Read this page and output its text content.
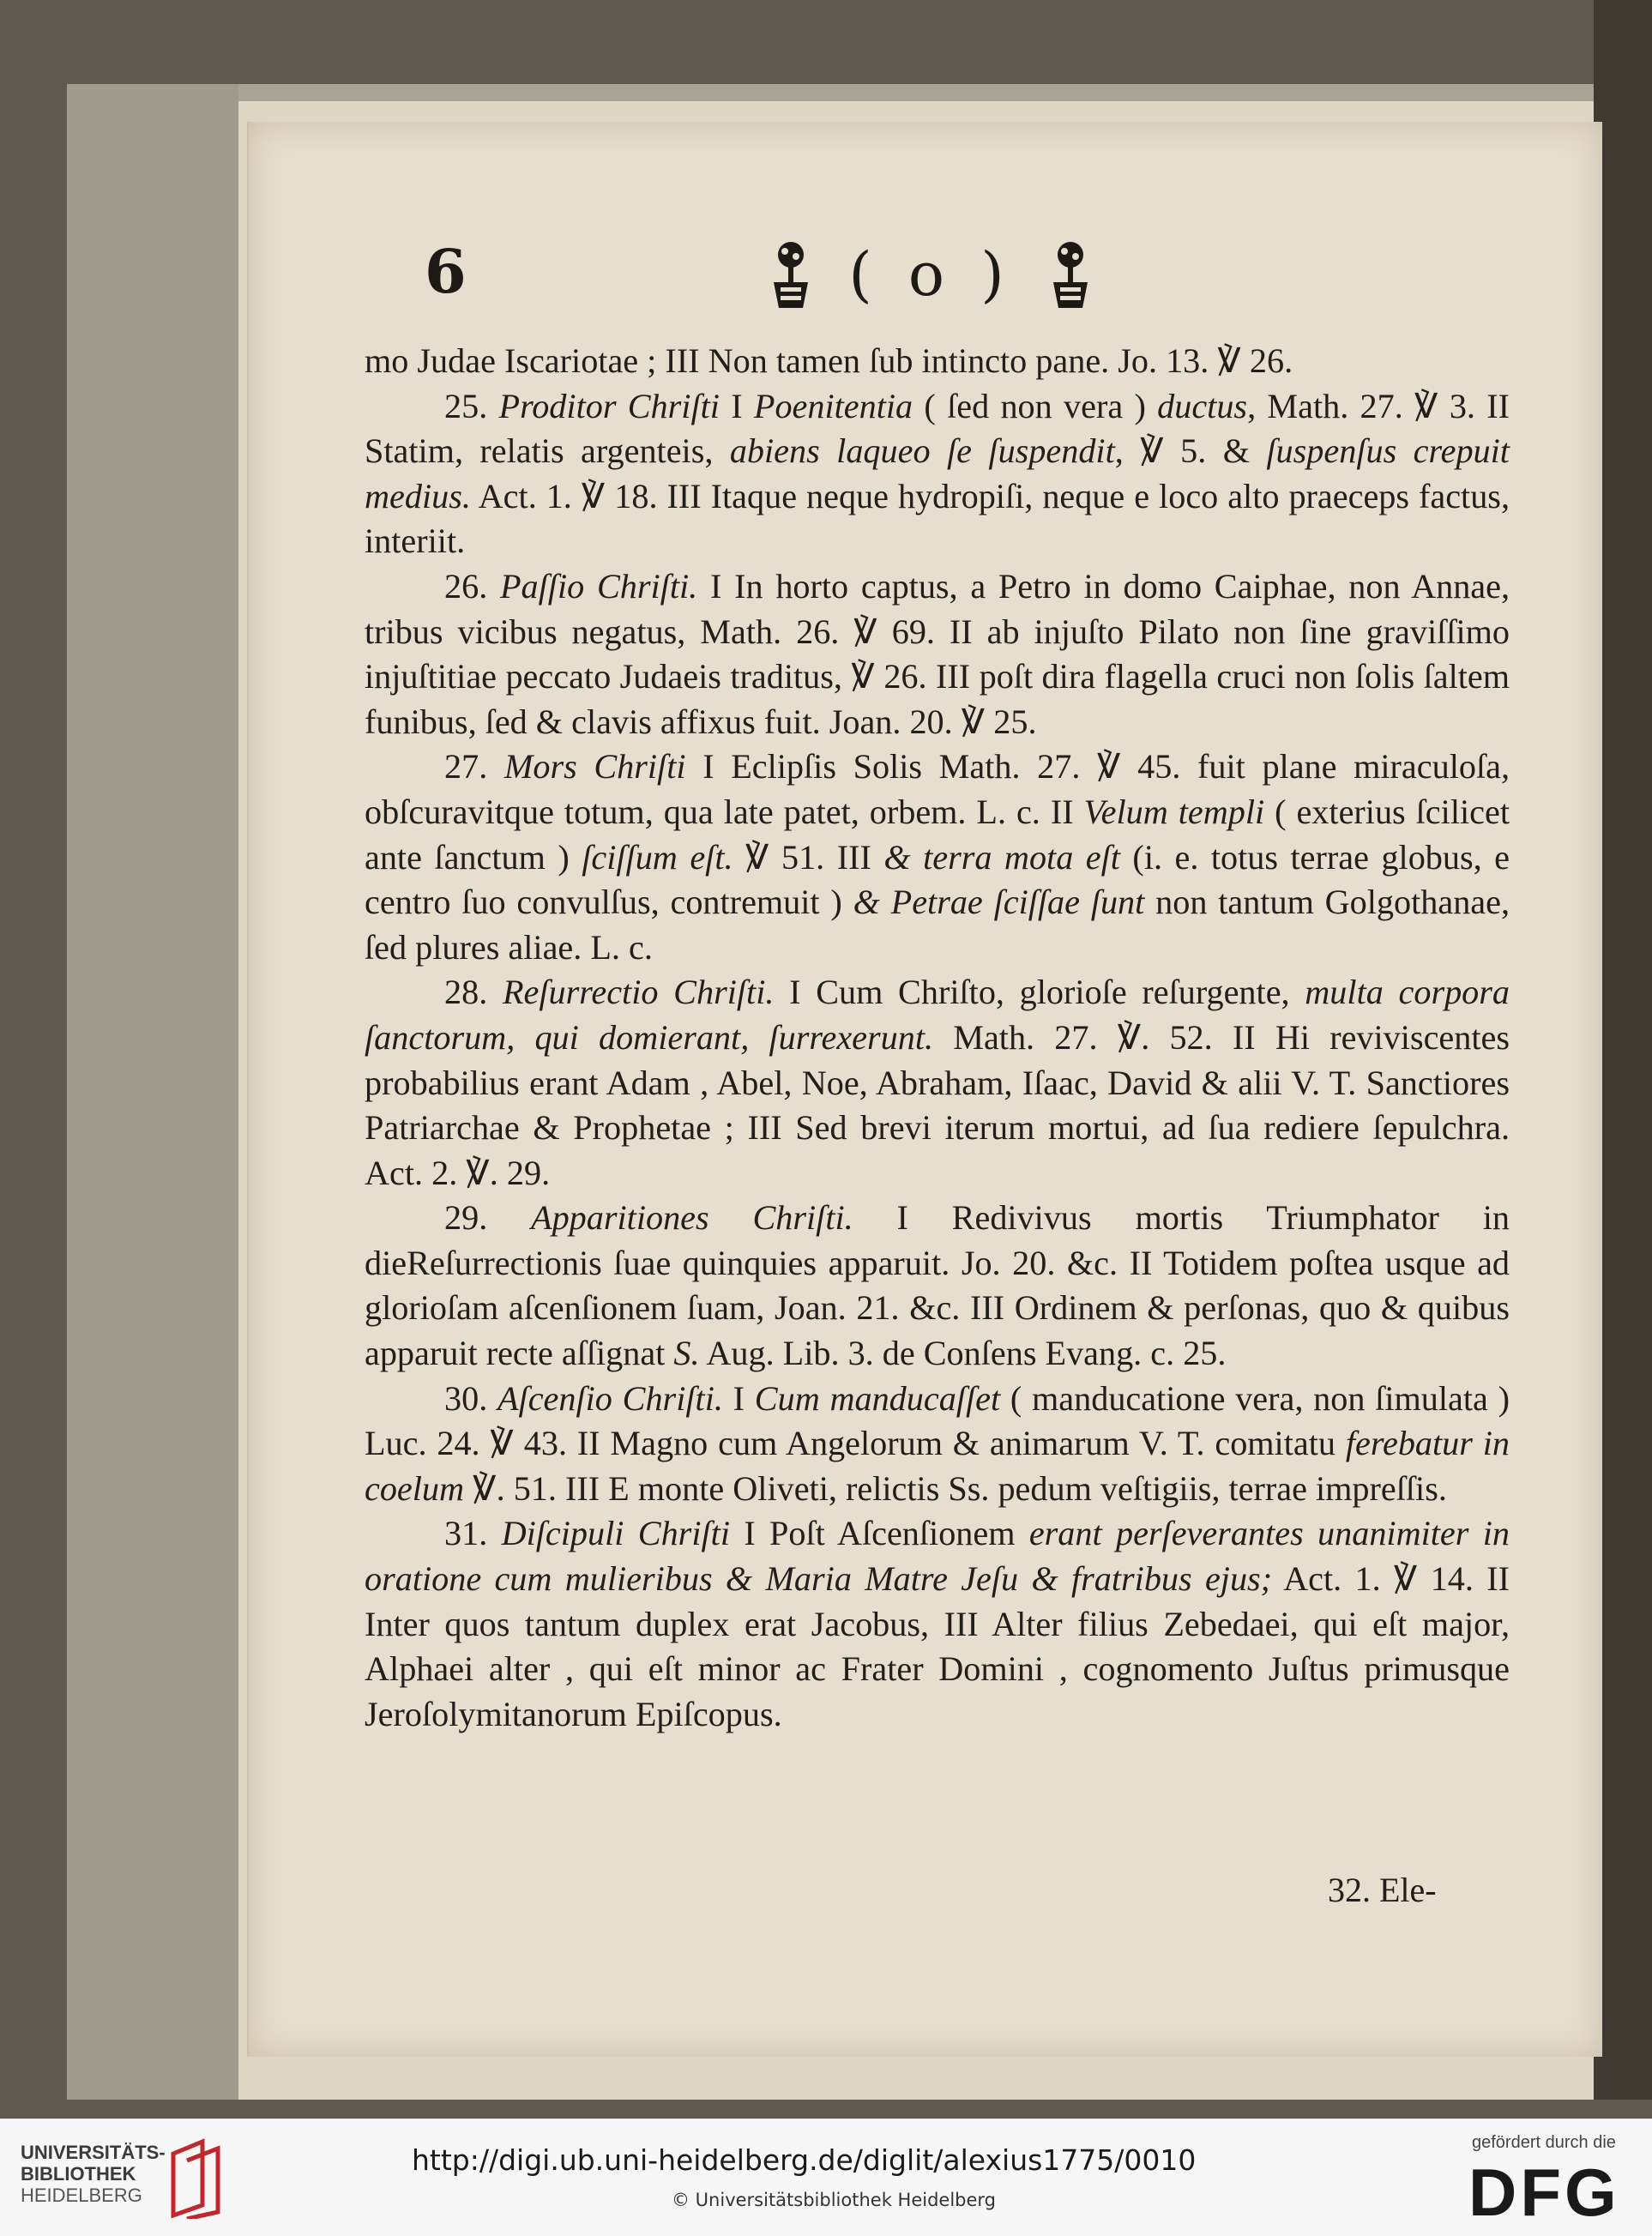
6	( o )

mo Judae Iscariotae ; III Non tamen ſub intincto pane. Jo. 13. ℣ 26.

25. Proditor Chriſti I Poenitentia ( ſed non vera ) ductus, Math. 27. ℣ 3. II Statim, relatis argenteis, abiens laqueo ſe ſuspendit, ℣ 5. & ſuspenſus crepuit medius. Act. 1. ℣ 18. III Itaque neque hydropiſi, neque e loco alto praeceps factus, interiit.

26. Paſſio Chriſti. I In horto captus, a Petro in domo Caiphae, non Annae, tribus vicibus negatus, Math. 26. ℣ 69. II ab injuſto Pilato non ſine graviſſimo injuſtitiae peccato Judaeis traditus, ℣ 26. III poſt dira flagella cruci non ſolis ſaltem funibus, ſed & clavis affixus fuit. Joan. 20. ℣ 25.

27. Mors Chriſti I Eclipſis Solis Math. 27. ℣ 45. fuit plane miraculoſa, obſcuravitque totum, qua late patet, orbem. L. c. II Velum templi ( exterius ſcilicet ante ſanctum ) ſciſſum eſt. ℣ 51. III & terra mota eſt (i. e. totus terrae globus, e centro ſuo convulſus, contremuit ) & Petrae ſciſſae ſunt non tantum Golgothanae, ſed plures aliae. L. c.

28. Reſurrectio Chriſti. I Cum Chriſto, glorioſe reſurgente, multa corpora ſanctorum, qui domierant, ſurrexerunt. Math. 27. ℣. 52. II Hi reviviscentes probabilius erant Adam , Abel, Noe, Abraham, Iſaac, David & alii V. T. Sanctiores Patriarchae & Prophetae ; III Sed brevi iterum mortui, ad ſua rediere ſepulchra. Act. 2. ℣. 29.

29. Apparitiones Chriſti. I Redivivus mortis Triumphator in dieReſurrectionis ſuae quinquies apparuit. Jo. 20. &c. II Totidem poſtea usque ad glorioſam aſcenſionem ſuam, Joan. 21. &c. III Ordinem & perſonas, quo & quibus apparuit recte aſſignat S. Aug. Lib. 3. de Conſens Evang. c. 25.

30. Aſcenſio Chriſti. I Cum manducaſſet ( manducatione vera, non ſimulata ) Luc. 24. ℣ 43. II Magno cum Angelorum & animarum V. T. comitatu ferebatur in coelum ℣. 51. III E monte Oliveti, relictis Ss. pedum veſtigiis, terrae impreſſis.

31. Diſcipuli Chriſti I Poſt Aſcenſionem erant perſeverantes unanimiter in oratione cum mulieribus & Maria Matre Jeſu & fratribus ejus; Act. 1. ℣ 14. II Inter quos tantum duplex erat Jacobus, III Alter filius Zebedaei, qui eſt major, Alphaei alter , qui eſt minor ac Frater Domini , cognomento Juſtus primusque Jeroſolymitanorum Epiſcopus.

32. Ele-
UNIVERSITÄTS-
BIBLIOTHEK
HEIDELBERG
http://digi.ub.uni-heidelberg.de/diglit/alexius1775/0010
© Universitätsbibliothek Heidelberg
gefördert durch die
DFG
